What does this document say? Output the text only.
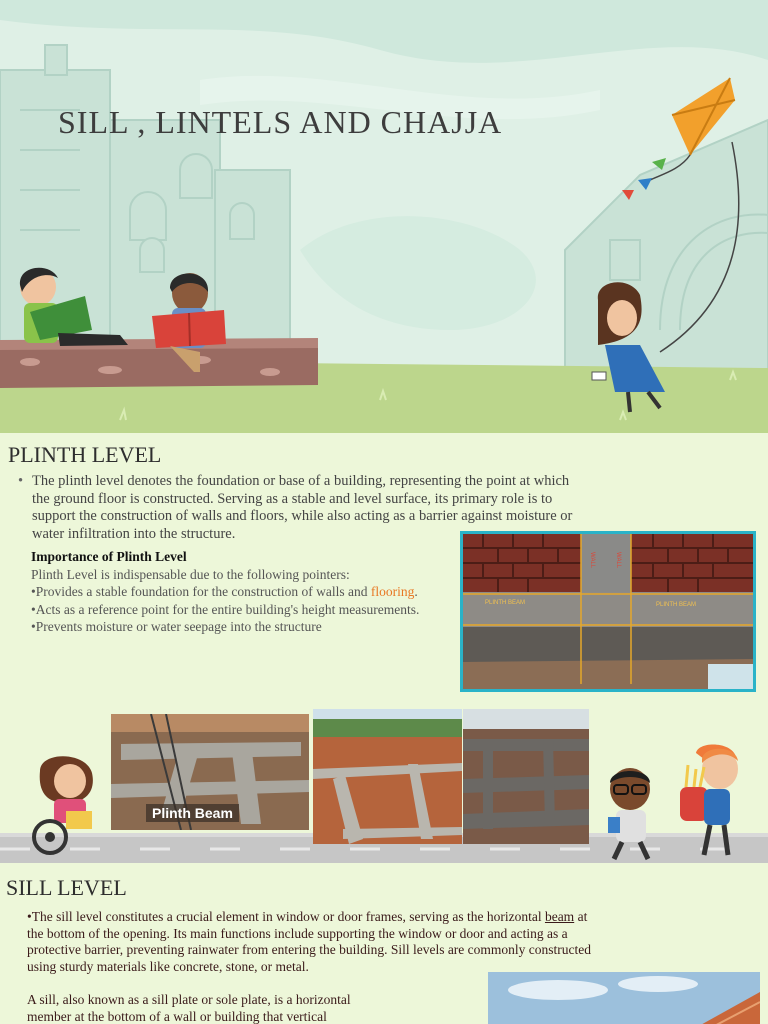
SILL , LINTELS AND CHAJJA
PLINTH LEVEL
• The plinth level denotes the foundation or base of a building, representing the point at which the ground floor is constructed. Serving as a stable and level surface, its primary role is to support the construction of walls and floors, while also acting as a barrier against moisture or water infiltration into the structure.
Importance of Plinth Level

Plinth Level is indispensable due to the following pointers:

•Provides a stable foundation for the construction of walls and flooring.

•Acts as a reference point for the entire building's height measurements.

•Prevents moisture or water seepage into the structure

PLINTH BEAM	PLINTH BEAM
WALL	WALL
Plinth Beam
SILL LEVEL

•The sill level constitutes a crucial element in window or door frames, serving as the horizontal beam at the bottom of the opening. Its main functions include supporting the window or door and acting as a protective barrier, preventing rainwater from entering the building. Sill levels are commonly constructed using sturdy materials like concrete, stone, or metal.

A sill, also known as a sill plate or sole plate, is a horizontal member at the bottom of a wall or building that vertical
